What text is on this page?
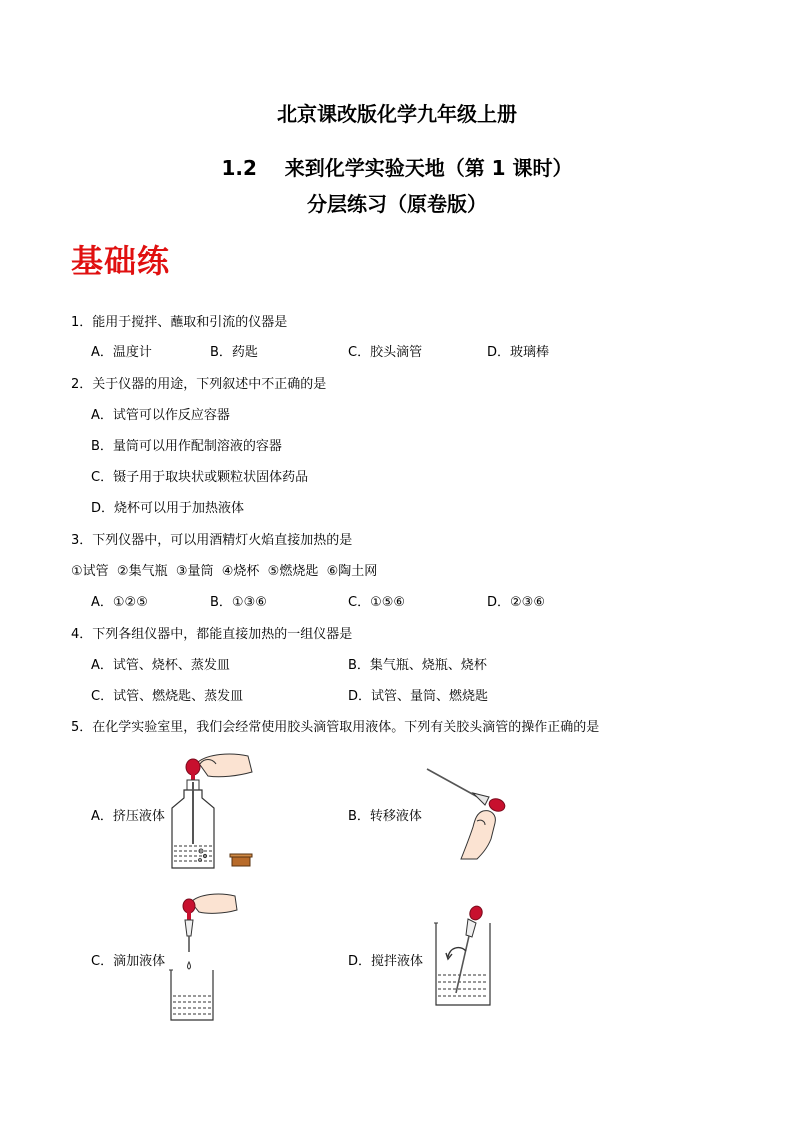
北京课改版化学九年级上册
1.2    来到化学实验天地（第 1 课时）
分层练习（原卷版）
基础练
1．能用于搅拌、蘸取和引流的仪器是
A．温度计	B．药匙	C．胶头滴管	D．玻璃棒
2．关于仪器的用途，下列叙述中不正确的是
A．试管可以作反应容器
B．量筒可以用作配制溶液的容器
C．镊子用于取块状或颗粒状固体药品
D．烧杯可以用于加热液体
3．下列仪器中，可以用酒精灯火焰直接加热的是
①试管  ②集气瓶  ③量筒  ④烧杯  ⑤燃烧匙  ⑥陶土网
A．①②⑤	B．①③⑥	C．①⑤⑥	D．②③⑥
4．下列各组仪器中，都能直接加热的一组仪器是
A．试管、烧杯、蒸发皿	B．集气瓶、烧瓶、烧杯
C．试管、燃烧匙、蒸发皿	D．试管、量筒、燃烧匙
5．在化学实验室里，我们会经常使用胶头滴管取用液体。下列有关胶头滴管的操作正确的是
A．挤压液体	B．转移液体
C．滴加液体	D．搅拌液体
